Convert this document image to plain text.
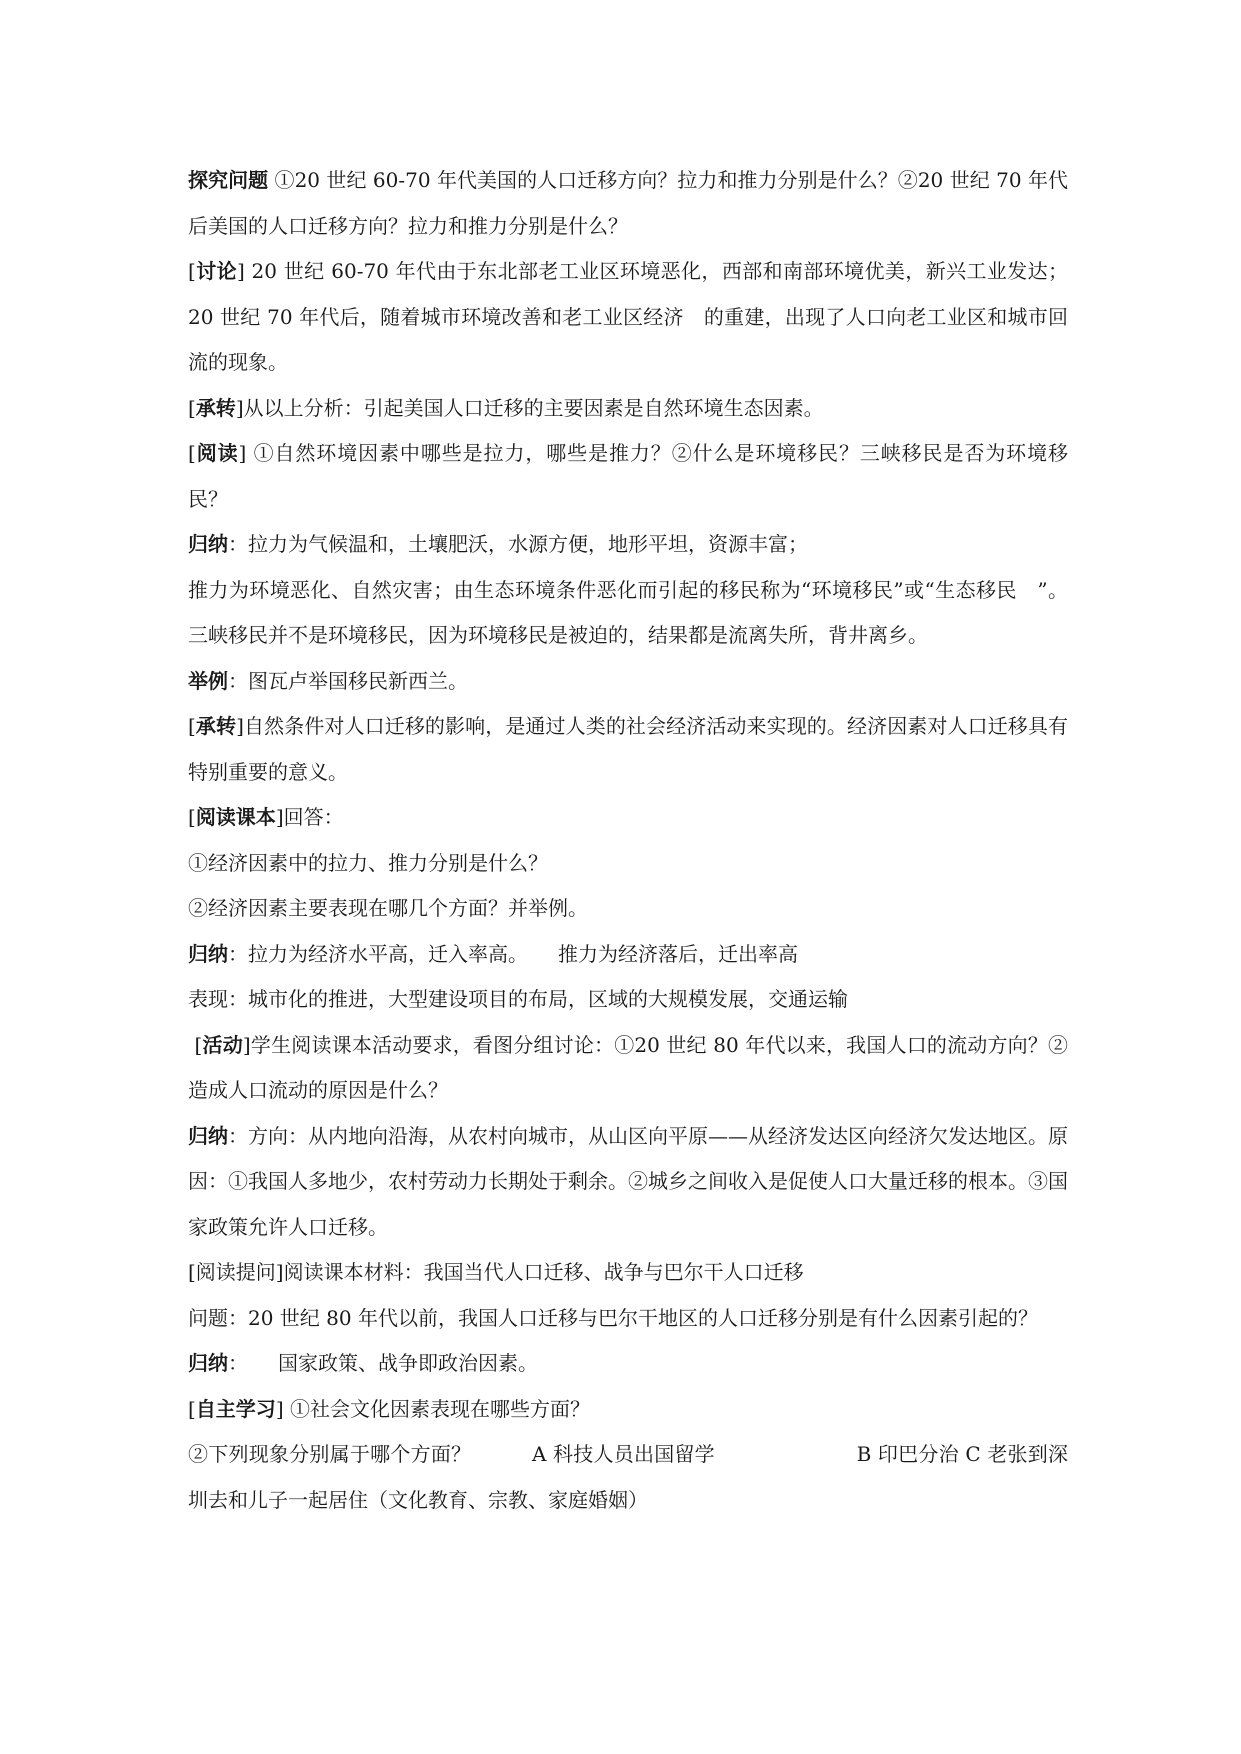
探究问题 ①20 世纪 60-70 年代美国的人口迁移方向？拉力和推力分别是什么？②20 世纪 70 年代后美国的人口迁移方向？拉力和推力分别是什么？

[讨论] 20 世纪 60-70 年代由于东北部老工业区环境恶化，西部和南部环境优美，新兴工业发达；20 世纪 70 年代后，随着城市环境改善和老工业区经济　的重建，出现了人口向老工业区和城市回流的现象。

[承转]从以上分析：引起美国人口迁移的主要因素是自然环境生态因素。

[阅读] ①自然环境因素中哪些是拉力，哪些是推力？②什么是环境移民？三峡移民是否为环境移民？

归纳：拉力为气候温和，土壤肥沃，水源方便，地形平坦，资源丰富；

推力为环境恶化、自然灾害；由生态环境条件恶化而引起的移民称为“环境移民”或“生态移民　”。三峡移民并不是环境移民，因为环境移民是被迫的，结果都是流离失所，背井离乡。

举例：图瓦卢举国移民新西兰。

[承转]自然条件对人口迁移的影响，是通过人类的社会经济活动来实现的。经济因素对人口迁移具有特别重要的意义。

[阅读课本]回答：

①经济因素中的拉力、推力分别是什么？

②经济因素主要表现在哪几个方面？并举例。

归纳：拉力为经济水平高，迁入率高。　　推力为经济落后，迁出率高

表现：城市化的推进，大型建设项目的布局，区域的大规模发展，交通运输

[活动]学生阅读课本活动要求，看图分组讨论：①20 世纪 80 年代以来，我国人口的流动方向？②造成人口流动的原因是什么？

归纳：方向：从内地向沿海，从农村向城市，从山区向平原——从经济发达区向经济欠发达地区。原因：①我国人多地少，农村劳动力长期处于剩余。②城乡之间收入是促使人口大量迁移的根本。③国家政策允许人口迁移。

[阅读提问]阅读课本材料：我国当代人口迁移、战争与巴尔干人口迁移

问题：20 世纪 80 年代以前，我国人口迁移与巴尔干地区的人口迁移分别是有什么因素引起的？

归纳：　　国家政策、战争即政治因素。

[自主学习] ①社会文化因素表现在哪些方面？

②下列现象分别属于哪个方面？　　　A 科技人员出国留学　　　　　　　B 印巴分治 C 老张到深圳去和儿子一起居住（文化教育、宗教、家庭婚姻）
